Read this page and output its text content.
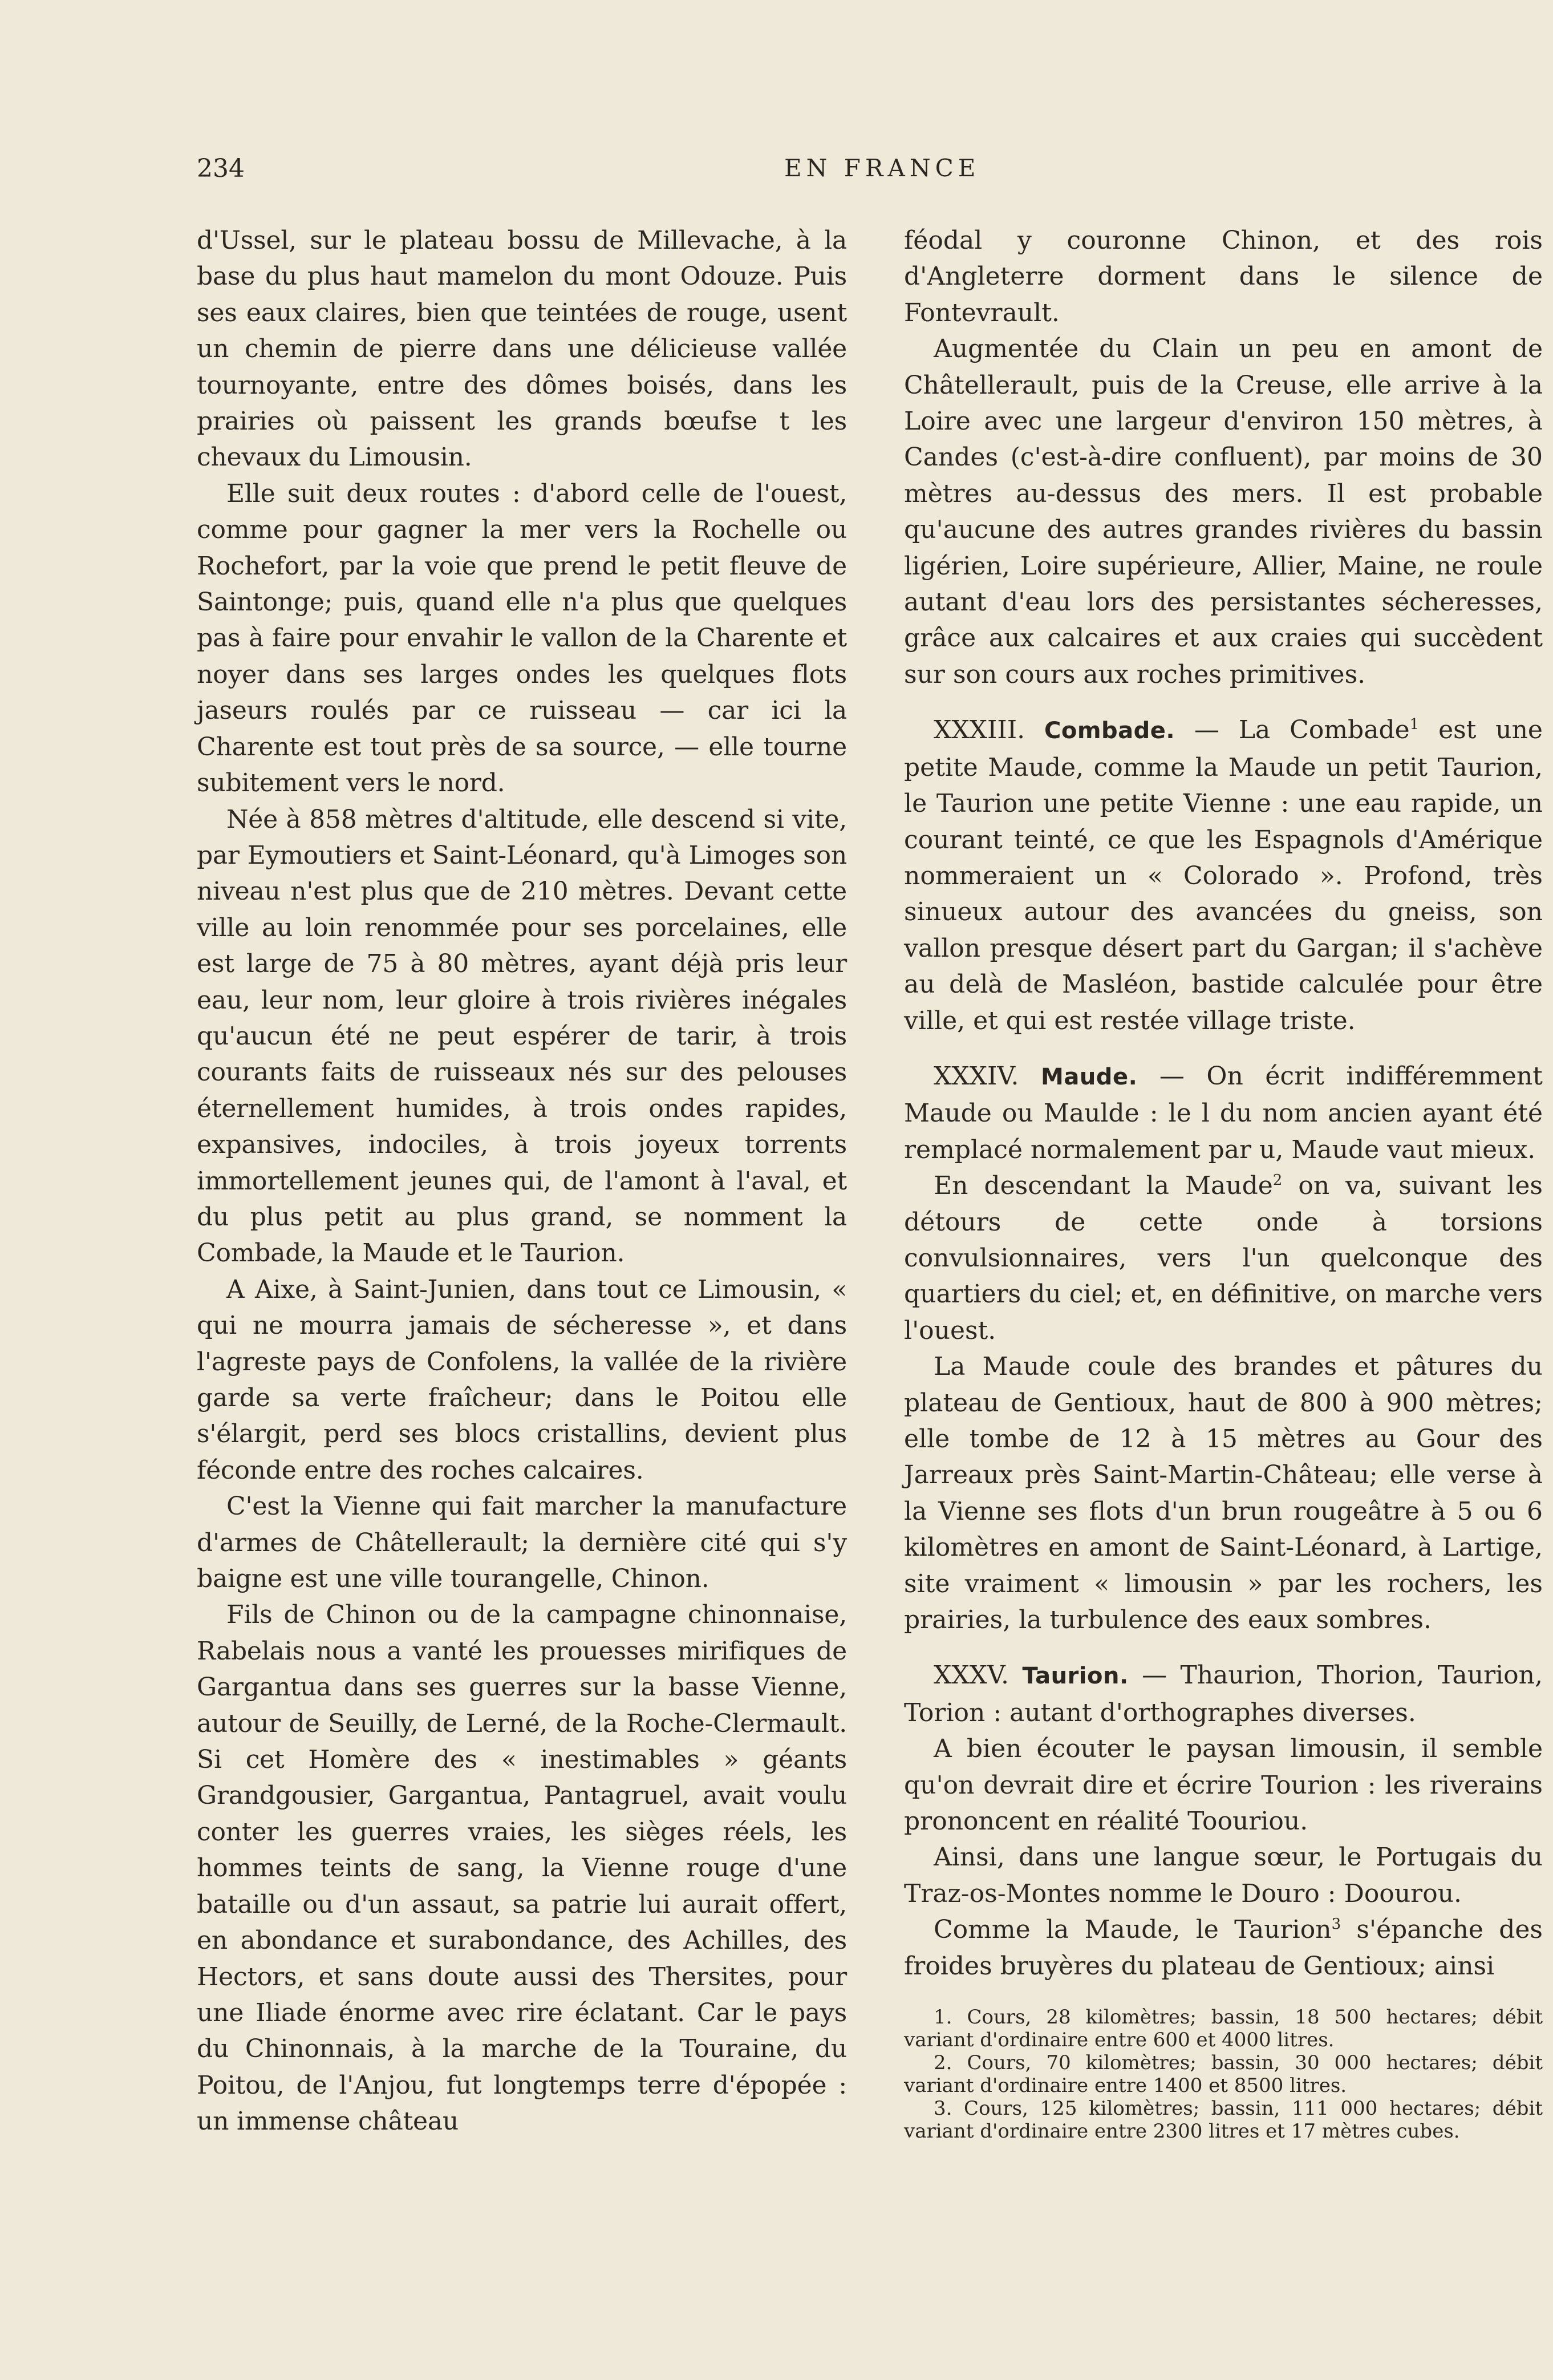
234	EN FRANCE

d'Ussel, sur le plateau bossu de Millevache, à la base du plus haut mamelon du mont Odouze. Puis ses eaux claires, bien que teintées de rouge, usent un chemin de pierre dans une délicieuse vallée tournoyante, entre des dômes boisés, dans les prairies où paissent les grands bœufse t les chevaux du Limousin.

Elle suit deux routes : d'abord celle de l'ouest, comme pour gagner la mer vers la Rochelle ou Rochefort, par la voie que prend le petit fleuve de Saintonge; puis, quand elle n'a plus que quelques pas à faire pour envahir le vallon de la Charente et noyer dans ses larges ondes les quelques flots jaseurs roulés par ce ruisseau — car ici la Charente est tout près de sa source, — elle tourne subitement vers le nord.

Née à 858 mètres d'altitude, elle descend si vite, par Eymoutiers et Saint-Léonard, qu'à Limoges son niveau n'est plus que de 210 mètres. Devant cette ville au loin renommée pour ses porcelaines, elle est large de 75 à 80 mètres, ayant déjà pris leur eau, leur nom, leur gloire à trois rivières inégales qu'aucun été ne peut espérer de tarir, à trois courants faits de ruisseaux nés sur des pelouses éternellement humides, à trois ondes rapides, expansives, indociles, à trois joyeux torrents immortellement jeunes qui, de l'amont à l'aval, et du plus petit au plus grand, se nomment la Combade, la Maude et le Taurion.

A Aixe, à Saint-Junien, dans tout ce Limousin, « qui ne mourra jamais de sécheresse », et dans l'agreste pays de Confolens, la vallée de la rivière garde sa verte fraîcheur; dans le Poitou elle s'élargit, perd ses blocs cristallins, devient plus féconde entre des roches calcaires.

C'est la Vienne qui fait marcher la manufacture d'armes de Châtellerault; la dernière cité qui s'y baigne est une ville tourangelle, Chinon.

Fils de Chinon ou de la campagne chinonnaise, Rabelais nous a vanté les prouesses mirifiques de Gargantua dans ses guerres sur la basse Vienne, autour de Seuilly, de Lerné, de la Roche-Clermault. Si cet Homère des « inestimables » géants Grandgousier, Gargantua, Pantagruel, avait voulu conter les guerres vraies, les sièges réels, les hommes teints de sang, la Vienne rouge d'une bataille ou d'un assaut, sa patrie lui aurait offert, en abondance et surabondance, des Achilles, des Hectors, et sans doute aussi des Thersites, pour une Iliade énorme avec rire éclatant. Car le pays du Chinonnais, à la marche de la Touraine, du Poitou, de l'Anjou, fut longtemps terre d'épopée : un immense château

féodal y couronne Chinon, et des rois d'Angleterre dorment dans le silence de Fontevrault.

Augmentée du Clain un peu en amont de Châtellerault, puis de la Creuse, elle arrive à la Loire avec une largeur d'environ 150 mètres, à Candes (c'est-à-dire confluent), par moins de 30 mètres au-dessus des mers. Il est probable qu'aucune des autres grandes rivières du bassin ligérien, Loire supérieure, Allier, Maine, ne roule autant d'eau lors des persistantes sécheresses, grâce aux calcaires et aux craies qui succèdent sur son cours aux roches primitives.

XXXIII. Combade. — La Combade$^1$ est une petite Maude, comme la Maude un petit Taurion, le Taurion une petite Vienne : une eau rapide, un courant teinté, ce que les Espagnols d'Amérique nommeraient un « Colorado ». Profond, très sinueux autour des avancées du gneiss, son vallon presque désert part du Gargan; il s'achève au delà de Masléon, bastide calculée pour être ville, et qui est restée village triste.

XXXIV. Maude. — On écrit indifféremment Maude ou Maulde : le l du nom ancien ayant été remplacé normalement par u, Maude vaut mieux.

En descendant la Maude$^2$ on va, suivant les détours de cette onde à torsions convulsionnaires, vers l'un quelconque des quartiers du ciel; et, en définitive, on marche vers l'ouest.

La Maude coule des brandes et pâtures du plateau de Gentioux, haut de 800 à 900 mètres; elle tombe de 12 à 15 mètres au Gour des Jarreaux près Saint-Martin-Château; elle verse à la Vienne ses flots d'un brun rougeâtre à 5 ou 6 kilomètres en amont de Saint-Léonard, à Lartige, site vraiment « limousin » par les rochers, les prairies, la turbulence des eaux sombres.

XXXV. Taurion. — Thaurion, Thorion, Taurion, Torion : autant d'orthographes diverses.

A bien écouter le paysan limousin, il semble qu'on devrait dire et écrire Tourion : les riverains prononcent en réalité Toouriou.

Ainsi, dans une langue sœur, le Portugais du Traz-os-Montes nomme le Douro : Doourou.

Comme la Maude, le Taurion$^3$ s'épanche des froides bruyères du plateau de Gentioux; ainsi

1. Cours, 28 kilomètres; bassin, 18 500 hectares; débit variant d'ordinaire entre 600 et 4000 litres.

2. Cours, 70 kilomètres; bassin, 30 000 hectares; débit variant d'ordinaire entre 1400 et 8500 litres.

3. Cours, 125 kilomètres; bassin, 111 000 hectares; débit variant d'ordinaire entre 2300 litres et 17 mètres cubes.
